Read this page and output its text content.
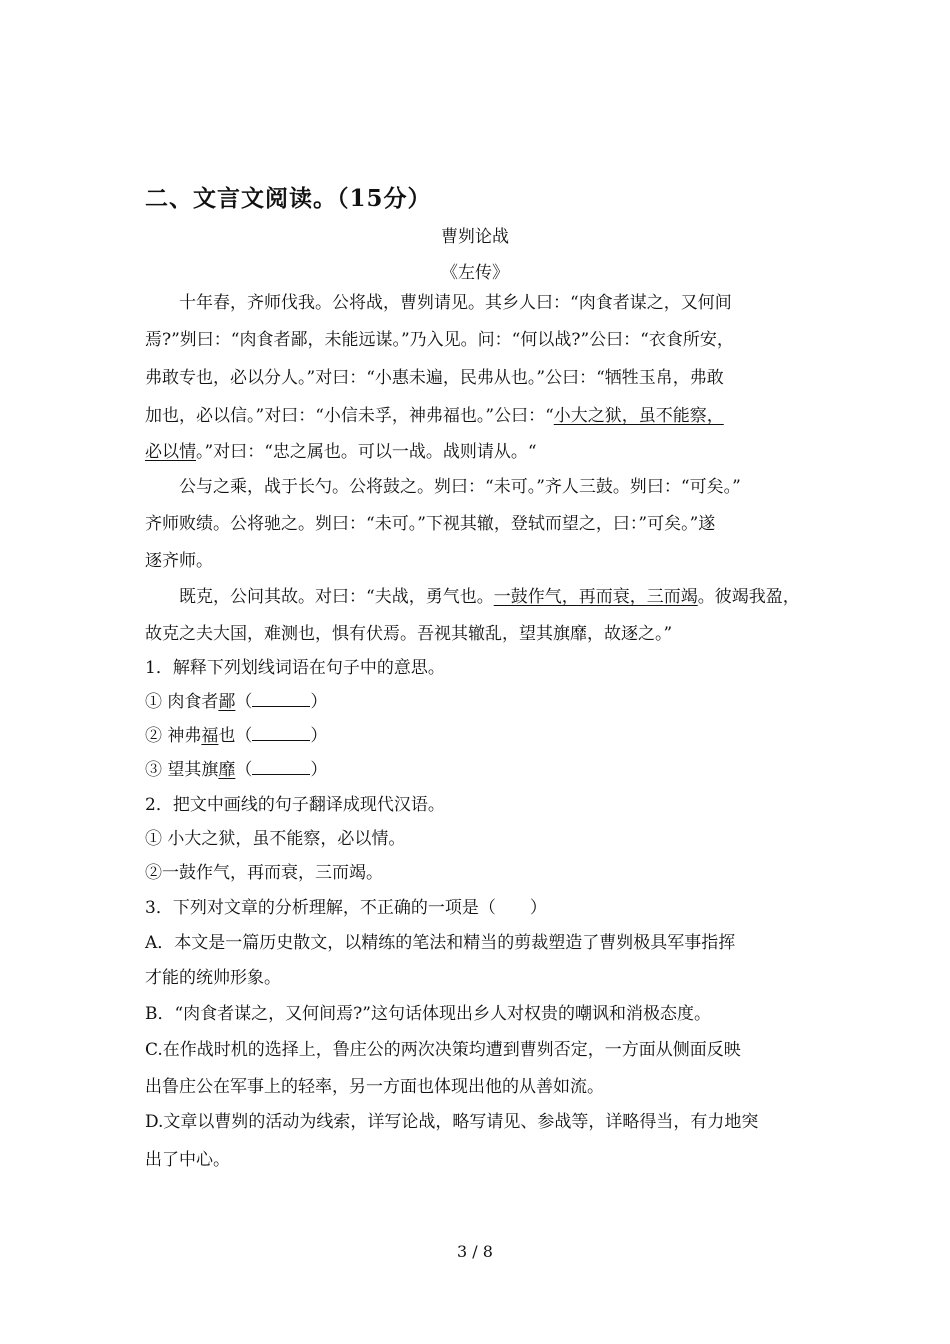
二、文言文阅读。（15分）
曹刿论战
《左传》
十年春，齐师伐我。公将战，曹刿请见。其乡人曰：“肉食者谋之，又何间
焉?”刿曰：“肉食者鄙，未能远谋。”乃入见。问：“何以战?”公曰：“衣食所安，
弗敢专也，必以分人。”对曰：“小惠未遍，民弗从也。”公曰：“牺牲玉帛，弗敢
加也，必以信。”对曰：“小信未孚，神弗福也。”公曰：“小大之狱，虽不能察，
必以情。”对曰：“忠之属也。可以一战。战则请从。“
公与之乘，战于长勺。公将鼓之。刿曰：“未可。”齐人三鼓。刿曰：“可矣。”
齐师败绩。公将驰之。刿曰：“未可。”下视其辙，登轼而望之，曰：”可矣。”遂
逐齐师。
既克，公问其故。对曰：“夫战，勇气也。一鼓作气，再而衰，三而竭。彼竭我盈，
故克之夫大国，难测也，惧有伏焉。吾视其辙乱，望其旗靡，故逐之。”
1．解释下列划线词语在句子中的意思。
① 肉食者鄙（	）
② 神弗福也（	）
③ 望其旗靡（	）
2．把文中画线的句子翻译成现代汉语。
① 小大之狱，虽不能察，必以情。
②一鼓作气，再而衰，三而竭。
3．下列对文章的分析理解，不正确的一项是（　　）
A．本文是一篇历史散文，以精练的笔法和精当的剪裁塑造了曹刿极具军事指挥
才能的统帅形象。
B．“肉食者谋之，又何间焉?”这句话体现出乡人对权贵的嘲讽和消极态度。
C.在作战时机的选择上，鲁庄公的两次决策均遭到曹刿否定，一方面从侧面反映
出鲁庄公在军事上的轻率，另一方面也体现出他的从善如流。
D.文章以曹刿的活动为线索，详写论战，略写请见、参战等，详略得当，有力地突
出了中心。
3 / 8
